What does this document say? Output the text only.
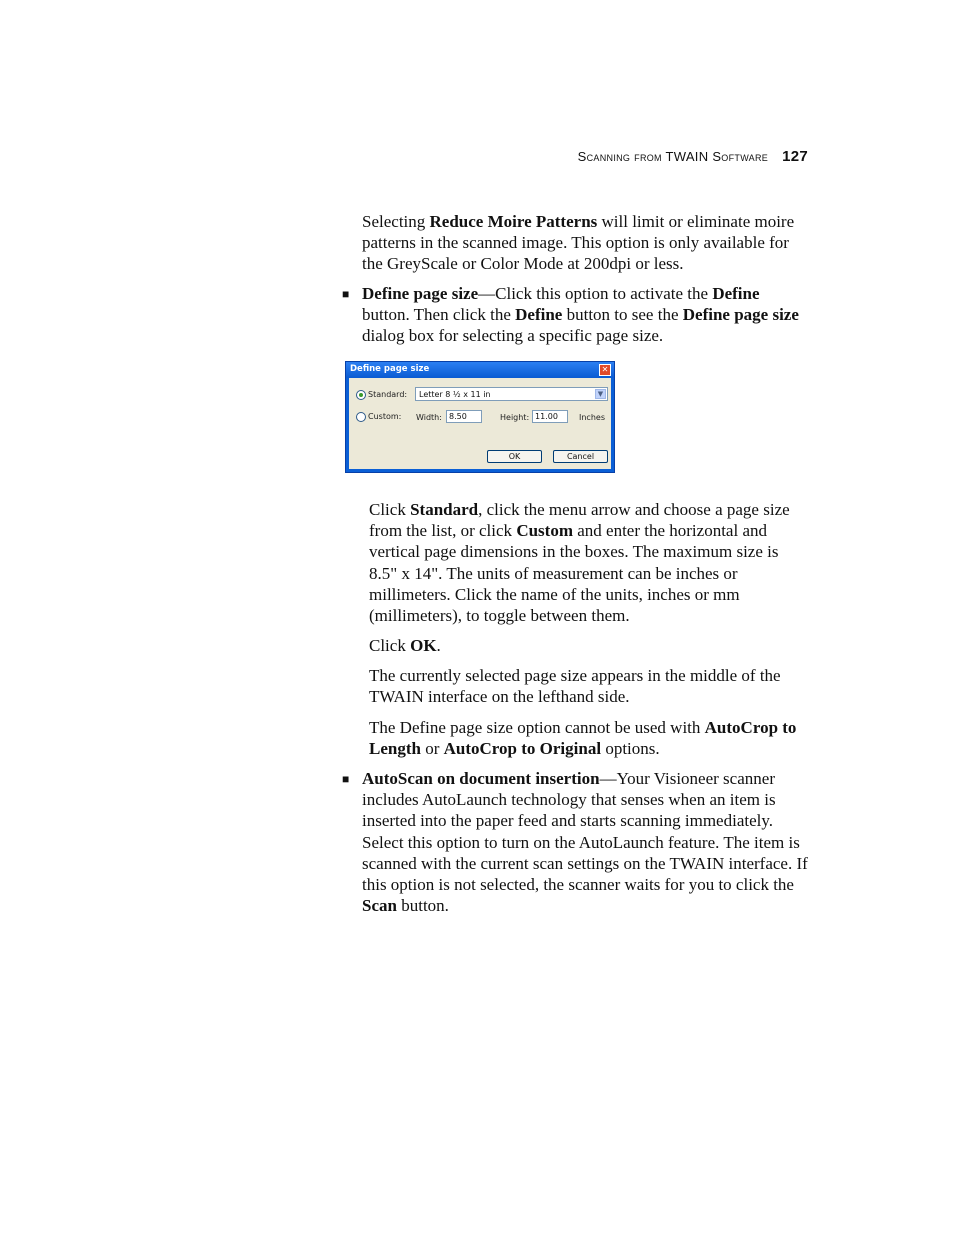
Scanning from TWAIN Software 127

Selecting Reduce Moire Patterns will limit or eliminate moire patterns in the scanned image. This option is only available for the GreyScale or Color Mode at 200dpi or less.

■ Define page size—Click this option to activate the Define button. Then click the Define button to see the Define page size dialog box for selecting a specific page size.

Define page size	✕
Standard: Letter 8 ½ x 11 in	▼
Custom: Width: 8.50	Height: 11.00	Inches
OK	Cancel

Click Standard, click the menu arrow and choose a page size from the list, or click Custom and enter the horizontal and vertical page dimensions in the boxes. The maximum size is 8.5" x 14". The units of measurement can be inches or millimeters. Click the name of the units, inches or mm (millimeters), to toggle between them.

Click OK.

The currently selected page size appears in the middle of the TWAIN interface on the lefthand side.

The Define page size option cannot be used with AutoCrop to Length or AutoCrop to Original options.

■ AutoScan on document insertion—Your Visioneer scanner includes AutoLaunch technology that senses when an item is inserted into the paper feed and starts scanning immediately. Select this option to turn on the AutoLaunch feature. The item is scanned with the current scan settings on the TWAIN interface. If this option is not selected, the scanner waits for you to click the Scan button.
